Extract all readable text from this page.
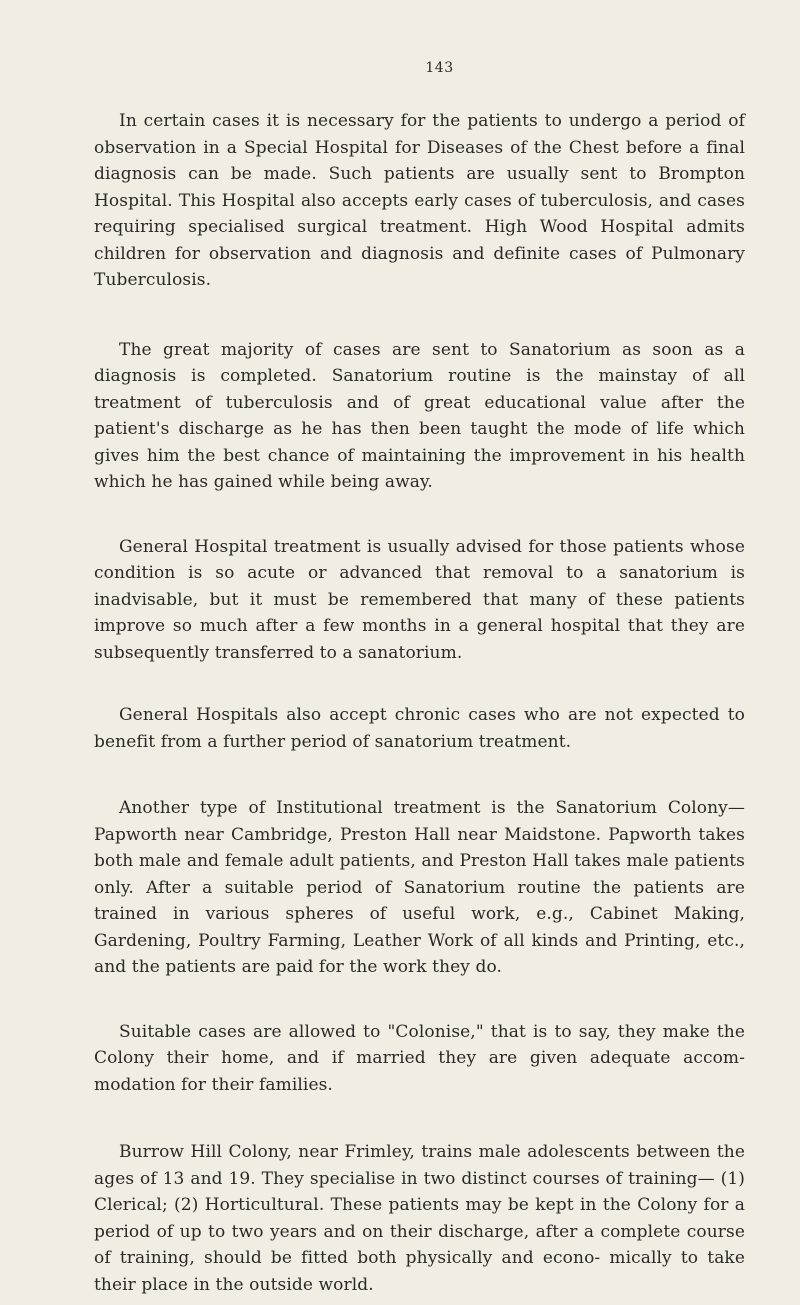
143

In certain cases it is necessary for the patients to undergo a period of observation in a Special Hospital for Diseases of the Chest before a final diagnosis can be made. Such patients are usually sent to Brompton Hospital. This Hospital also accepts early cases of tuberculosis, and cases requiring specialised surgical treatment. High Wood Hospital admits children for observation and diagnosis and definite cases of Pulmonary Tuberculosis.

The great majority of cases are sent to Sanatorium as soon as a diagnosis is completed. Sanatorium routine is the mainstay of all treatment of tuberculosis and of great educational value after the patient's discharge as he has then been taught the mode of life which gives him the best chance of maintaining the improvement in his health which he has gained while being away.

General Hospital treatment is usually advised for those patients whose condition is so acute or advanced that removal to a sanatorium is inadvisable, but it must be remembered that many of these patients improve so much after a few months in a general hospital that they are subsequently transferred to a sanatorium.

General Hospitals also accept chronic cases who are not expected to benefit from a further period of sanatorium treatment.

Another type of Institutional treatment is the Sanatorium Colony— Papworth near Cambridge, Preston Hall near Maidstone. Papworth takes both male and female adult patients, and Preston Hall takes male patients only. After a suitable period of Sanatorium routine the patients are trained in various spheres of useful work, e.g., Cabinet Making, Gardening, Poultry Farming, Leather Work of all kinds and Printing, etc., and the patients are paid for the work they do.

Suitable cases are allowed to "Colonise," that is to say, they make the Colony their home, and if married they are given adequate accom- modation for their families.

Burrow Hill Colony, near Frimley, trains male adolescents between the ages of 13 and 19. They specialise in two distinct courses of training— (1) Clerical; (2) Horticultural. These patients may be kept in the Colony for a period of up to two years and on their discharge, after a complete course of training, should be fitted both physically and econo- mically to take their place in the outside world.
